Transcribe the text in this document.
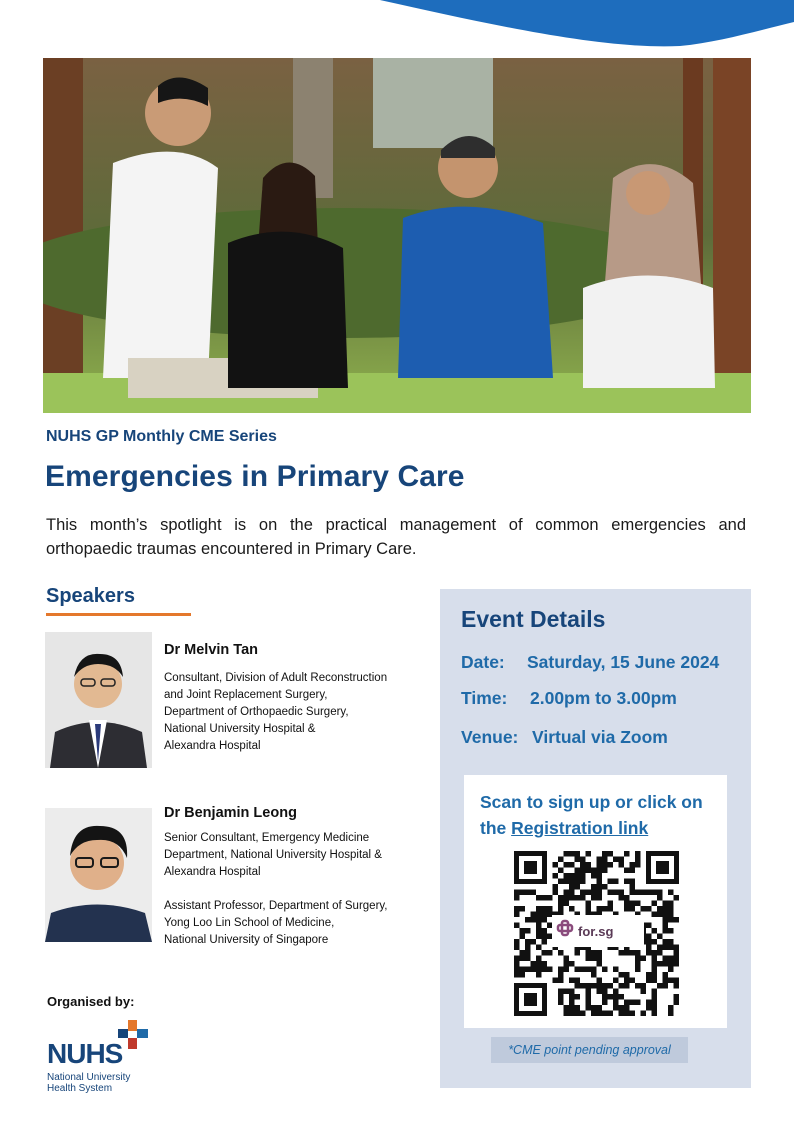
NUHS GP Monthly CME Series
Emergencies in Primary Care
This month’s spotlight is on the practical management of common emergencies and orthopaedic traumas encountered in Primary Care.
Speakers
Dr Melvin Tan
Consultant, Division of Adult Reconstruction
and Joint Replacement Surgery,
Department of Orthopaedic Surgery,
National University Hospital &
Alexandra Hospital
Dr Benjamin Leong
Senior Consultant, Emergency Medicine
Department, National University Hospital &
Alexandra Hospital
Assistant Professor, Department of Surgery,
Yong Loo Lin School of Medicine,
National University of Singapore
Organised by:
NUHS
National University
Health System
Event Details
Date: Saturday, 15 June 2024
Time: 2.00pm to 3.00pm
Venue: Virtual via Zoom
Scan to sign up or click on the Registration link
for.sg
*CME point pending approval
